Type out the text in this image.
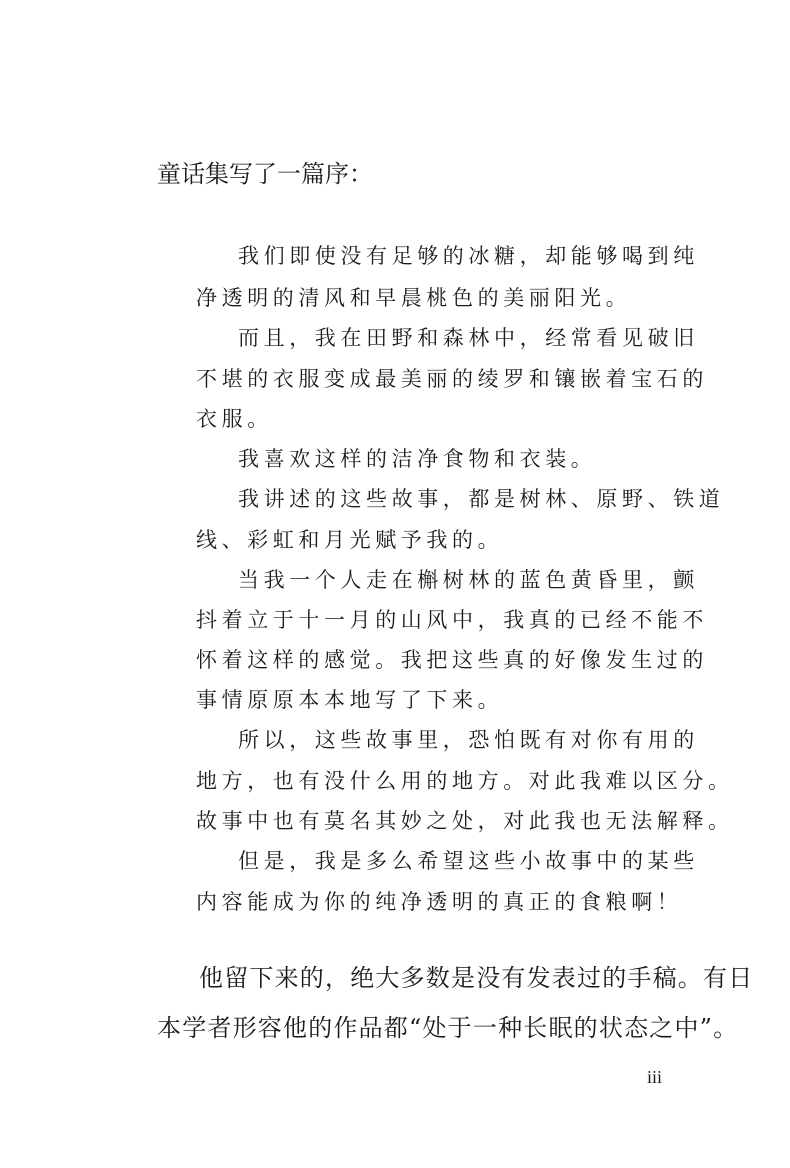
童话集写了一篇序：
我们即使没有足够的冰糖，却能够喝到纯
净透明的清风和早晨桃色的美丽阳光。
而且，我在田野和森林中，经常看见破旧
不堪的衣服变成最美丽的绫罗和镶嵌着宝石的
衣服。
我喜欢这样的洁净食物和衣装。
我讲述的这些故事，都是树林、原野、铁道
线、彩虹和月光赋予我的。
当我一个人走在槲树林的蓝色黄昏里，颤
抖着立于十一月的山风中，我真的已经不能不
怀着这样的感觉。我把这些真的好像发生过的
事情原原本本地写了下来。
所以，这些故事里，恐怕既有对你有用的
地方，也有没什么用的地方。对此我难以区分。
故事中也有莫名其妙之处，对此我也无法解释。
但是，我是多么希望这些小故事中的某些
内容能成为你的纯净透明的真正的食粮啊！
他留下来的，绝大多数是没有发表过的手稿。有日
本学者形容他的作品都“处于一种长眠的状态之中”。
iii
